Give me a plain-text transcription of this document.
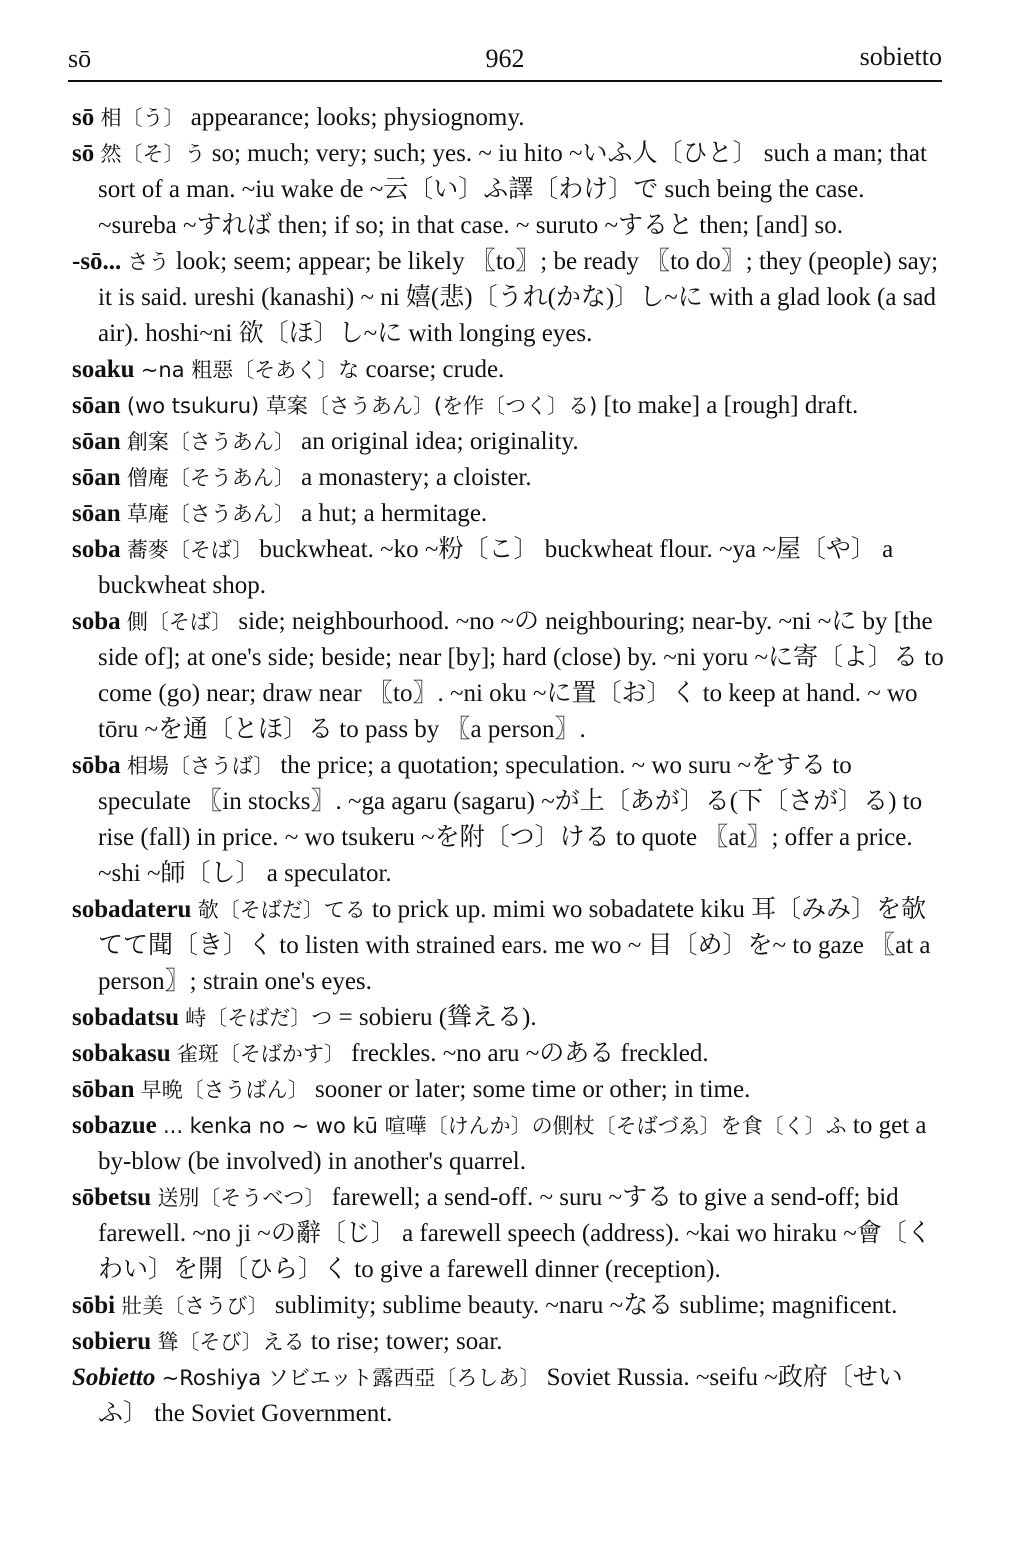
sō	962	sobietto

sō 相〔う〕 appearance; looks; physiognomy.

sō 然〔そ〕う so; much; very; such; yes. ~ iu hito ~いふ人〔ひと〕 such a man; that sort of a man. ~iu wake de ~云〔い〕ふ譯〔わけ〕で such being the case. ~sureba ~すれば then; if so; in that case. ~ suruto ~すると then; [and] so.

-sō... さう look; seem; appear; be likely 〖to〗; be ready 〖to do〗; they (people) say; it is said. ureshi (kanashi) ~ ni 嬉(悲)〔うれ(かな)〕し~に with a glad look (a sad air). hoshi~ni 欲〔ほ〕し~に with longing eyes.

soaku ~na 粗惡〔そあく〕な coarse; crude.

sōan (wo tsukuru) 草案〔さうあん〕(を作〔つく〕る) [to make] a [rough] draft.

sōan 創案〔さうあん〕 an original idea; originality.

sōan 僧庵〔そうあん〕 a monastery; a cloister.

sōan 草庵〔さうあん〕 a hut; a hermitage.

soba 蕎麥〔そば〕 buckwheat. ~ko ~粉〔こ〕 buckwheat flour. ~ya ~屋〔や〕 a buckwheat shop.

soba 側〔そば〕 side; neighbourhood. ~no ~の neighbouring; near-by. ~ni ~に by [the side of]; at one's side; beside; near [by]; hard (close) by. ~ni yoru ~に寄〔よ〕る to come (go) near; draw near 〖to〗. ~ni oku ~に置〔お〕く to keep at hand. ~ wo tōru ~を通〔とほ〕る to pass by 〖a person〗.

sōba 相場〔さうば〕 the price; a quotation; speculation. ~ wo suru ~をする to speculate 〖in stocks〗. ~ga agaru (sagaru) ~が上〔あが〕る(下〔さが〕る) to rise (fall) in price. ~ wo tsukeru ~を附〔つ〕ける to quote 〖at〗; offer a price. ~shi ~師〔し〕 a speculator.

sobadateru 欹〔そばだ〕てる to prick up. mimi wo sobadatete kiku 耳〔みみ〕を欹てて聞〔き〕く to listen with strained ears. me wo ~ 目〔め〕を~ to gaze 〖at a person〗; strain one's eyes.

sobadatsu 峙〔そばだ〕つ = sobieru (聳える).

sobakasu 雀斑〔そばかす〕 freckles. ~no aru ~のある freckled.

sōban 早晩〔さうばん〕 sooner or later; some time or other; in time.

sobazue ... kenka no ~ wo kū 喧嘩〔けんか〕の側杖〔そばづゑ〕を食〔く〕ふ to get a by-blow (be involved) in another's quarrel.

sōbetsu 送別〔そうべつ〕 farewell; a send-off. ~ suru ~する to give a send-off; bid farewell. ~no ji ~の辭〔じ〕 a farewell speech (address). ~kai wo hiraku ~會〔くわい〕を開〔ひら〕く to give a farewell dinner (reception).

sōbi 壯美〔さうび〕 sublimity; sublime beauty. ~naru ~なる sublime; magnificent.

sobieru 聳〔そび〕える to rise; tower; soar.

Sobietto ~Roshiya ソビエット露西亞〔ろしあ〕 Soviet Russia. ~seifu ~政府〔せいふ〕 the Soviet Government.
